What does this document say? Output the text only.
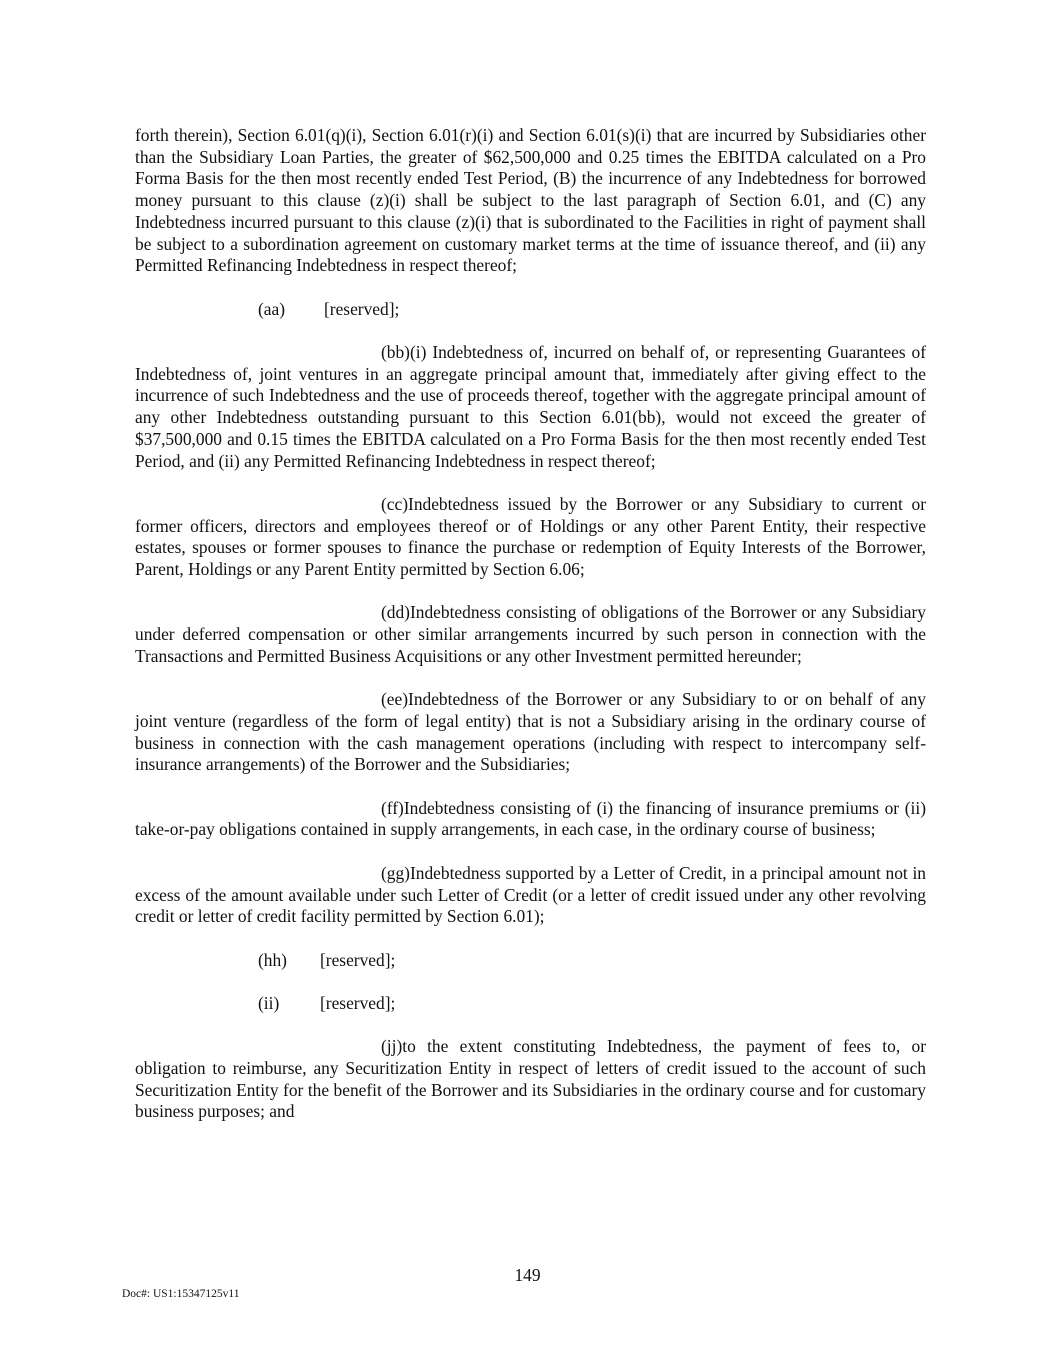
forth therein), Section 6.01(q)(i), Section 6.01(r)(i) and Section 6.01(s)(i) that are incurred by Subsidiaries other than the Subsidiary Loan Parties, the greater of $62,500,000 and 0.25 times the EBITDA calculated on a Pro Forma Basis for the then most recently ended Test Period, (B) the incurrence of any Indebtedness for borrowed money pursuant to this clause (z)(i) shall be subject to the last paragraph of Section 6.01, and (C) any Indebtedness incurred pursuant to this clause (z)(i) that is subordinated to the Facilities in right of payment shall be subject to a subordination agreement on customary market terms at the time of issuance thereof, and (ii) any Permitted Refinancing Indebtedness in respect thereof;

(aa) [reserved];

(bb)(i) Indebtedness of, incurred on behalf of, or representing Guarantees of Indebtedness of, joint ventures in an aggregate principal amount that, immediately after giving effect to the incurrence of such Indebtedness and the use of proceeds thereof, together with the aggregate principal amount of any other Indebtedness outstanding pursuant to this Section 6.01(bb), would not exceed the greater of $37,500,000 and 0.15 times the EBITDA calculated on a Pro Forma Basis for the then most recently ended Test Period, and (ii) any Permitted Refinancing Indebtedness in respect thereof;

(cc)Indebtedness issued by the Borrower or any Subsidiary to current or former officers, directors and employees thereof or of Holdings or any other Parent Entity, their respective estates, spouses or former spouses to finance the purchase or redemption of Equity Interests of the Borrower, Parent, Holdings or any Parent Entity permitted by Section 6.06;

(dd)Indebtedness consisting of obligations of the Borrower or any Subsidiary under deferred compensation or other similar arrangements incurred by such person in connection with the Transactions and Permitted Business Acquisitions or any other Investment permitted hereunder;

(ee)Indebtedness of the Borrower or any Subsidiary to or on behalf of any joint venture (regardless of the form of legal entity) that is not a Subsidiary arising in the ordinary course of business in connection with the cash management operations (including with respect to intercompany self-insurance arrangements) of the Borrower and the Subsidiaries;

(ff)Indebtedness consisting of (i) the financing of insurance premiums or (ii) take-or-pay obligations contained in supply arrangements, in each case, in the ordinary course of business;

(gg)Indebtedness supported by a Letter of Credit, in a principal amount not in excess of the amount available under such Letter of Credit (or a letter of credit issued under any other revolving credit or letter of credit facility permitted by Section 6.01);

(hh) [reserved];

(ii) [reserved];

(jj)to the extent constituting Indebtedness, the payment of fees to, or obligation to reimburse, any Securitization Entity in respect of letters of credit issued to the account of such Securitization Entity for the benefit of the Borrower and its Subsidiaries in the ordinary course and for customary business purposes; and

149
Doc#: US1:15347125v11
